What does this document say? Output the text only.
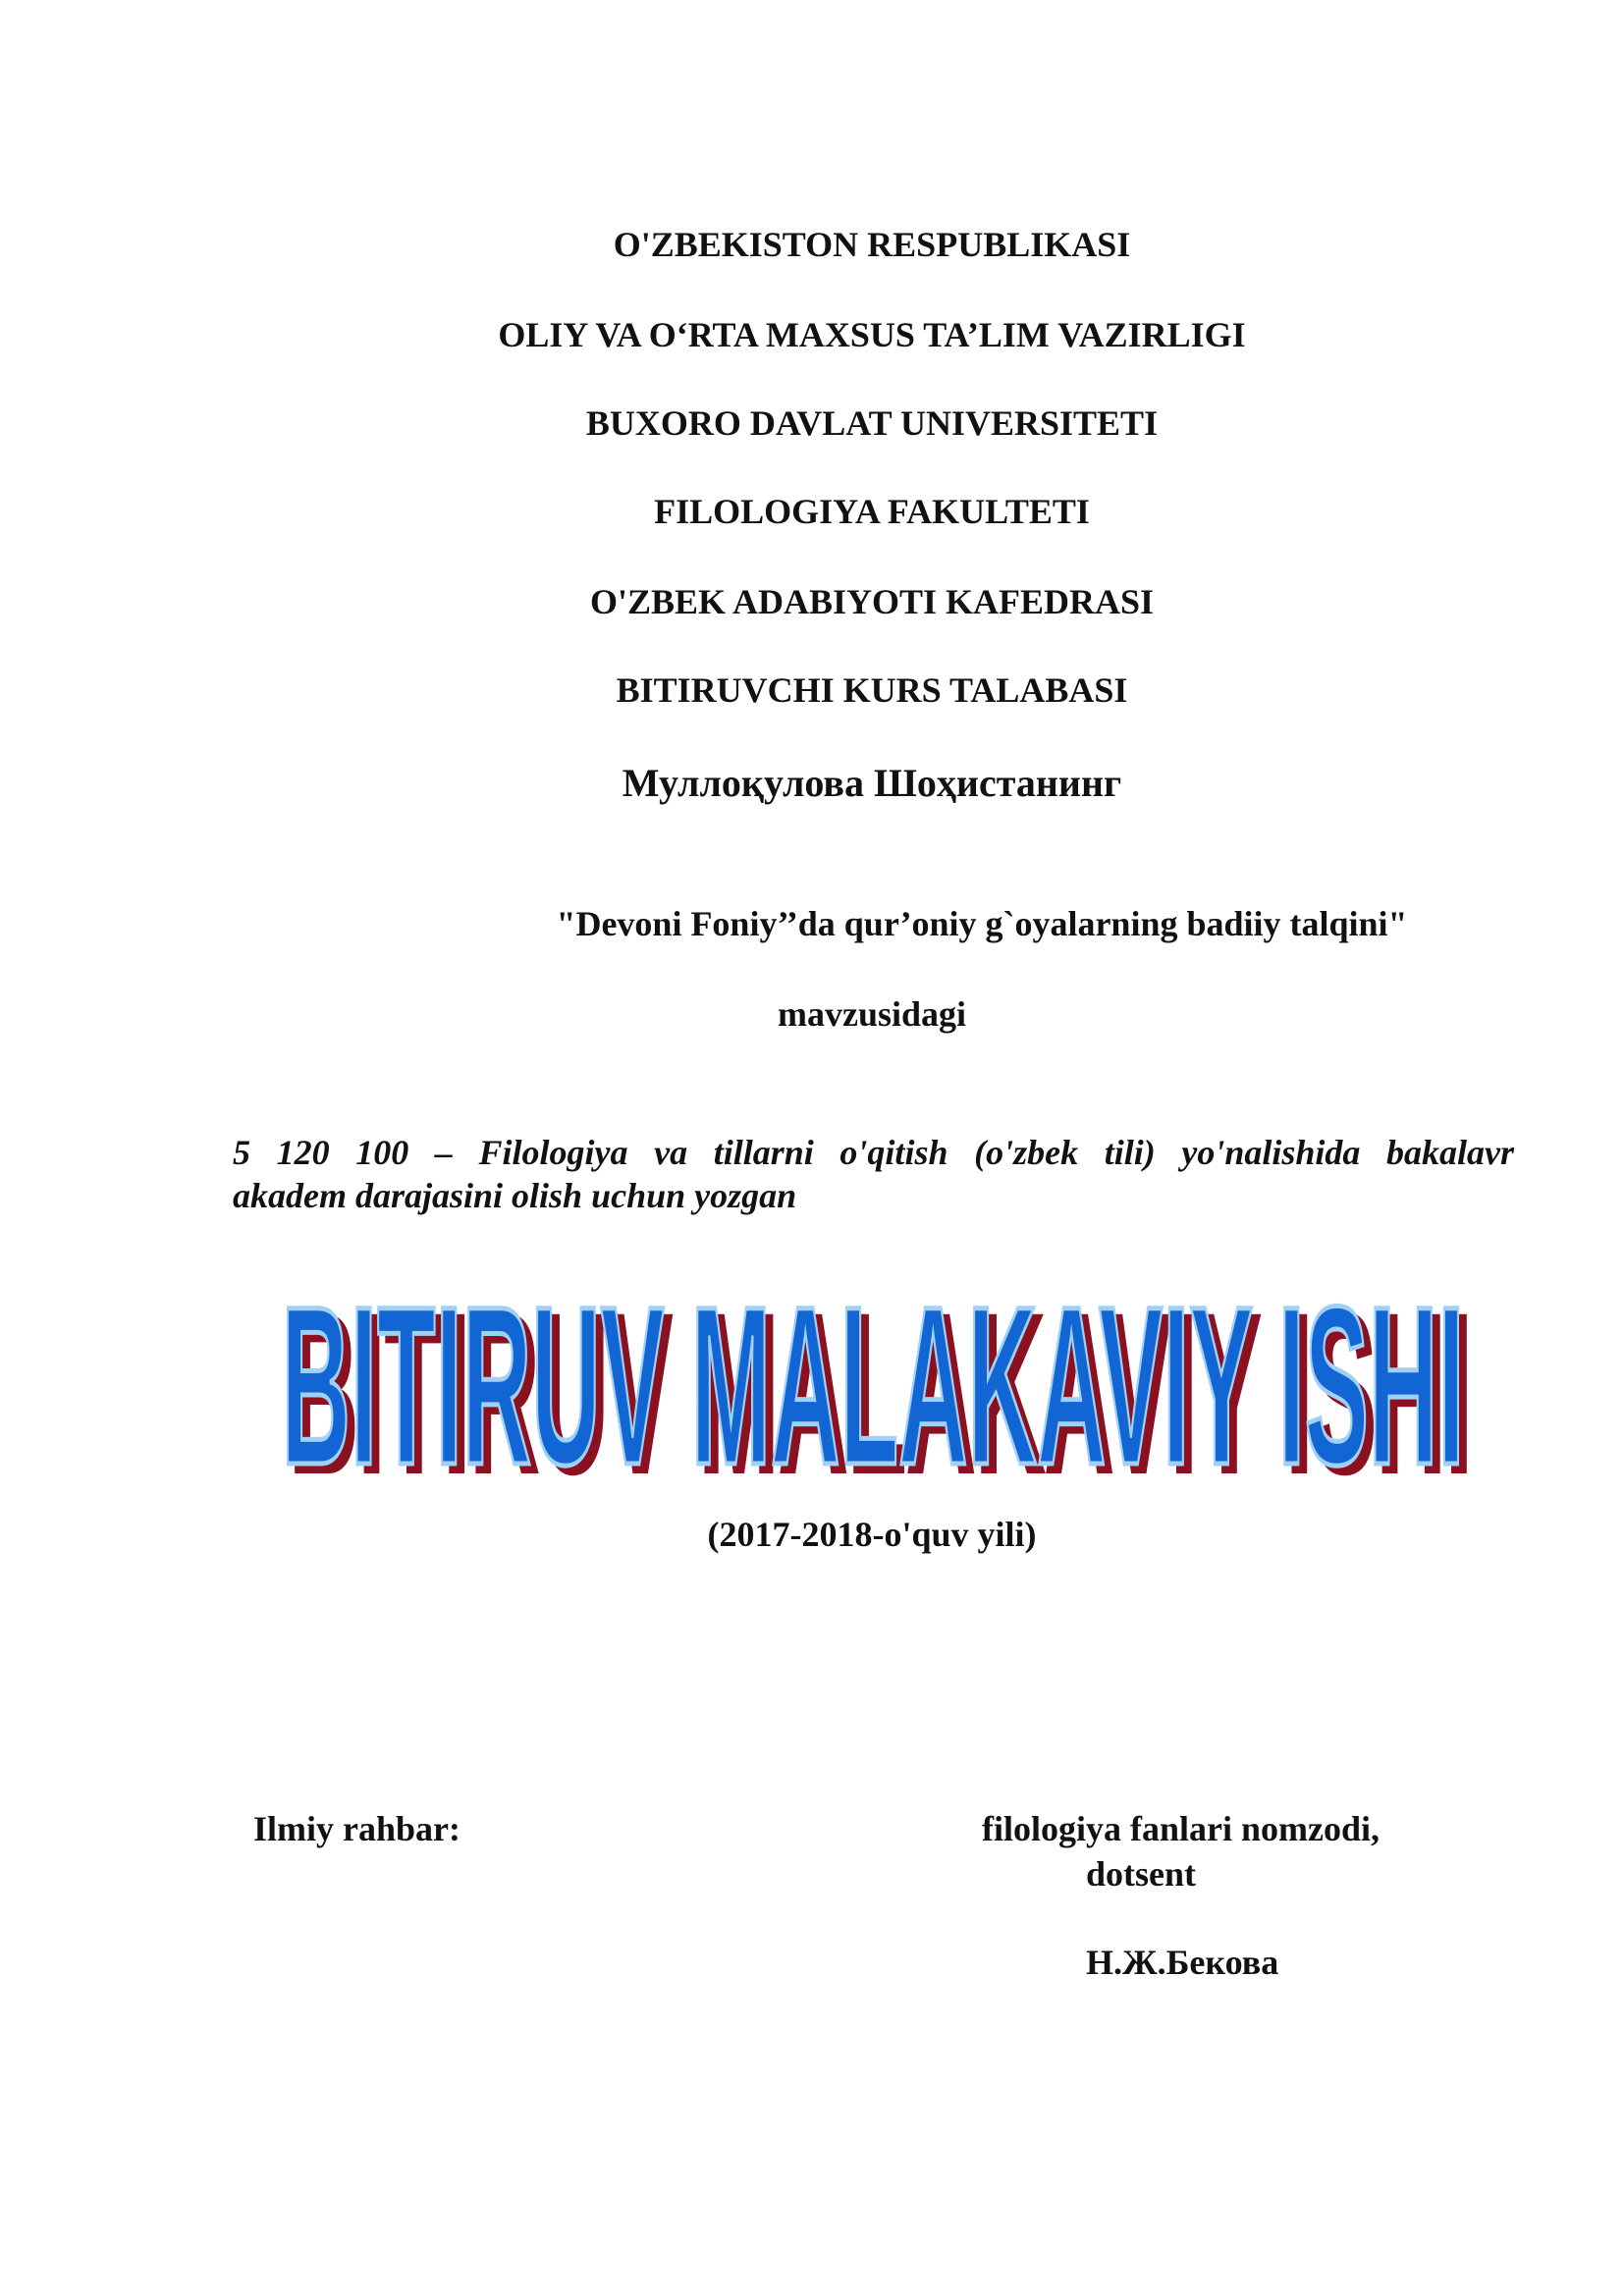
O'ZBEKISTON RESPUBLIKASI
OLIY VA O‘RTA MAXSUS TA’LIM VAZIRLIGI
BUXORO DAVLAT UNIVERSITETI
FILOLOGIYA FAKULTETI
O'ZBEK ADABIYOTI KAFEDRASI
BITIRUVCHI KURS TALABASI
Муллоқулова Шоҳистанинг
"Devoni Foniy’’da qur’oniy g`oyalarning badiiy talqini"
mavzusidagi
5 120 100 – Filologiya va tillarni o'qitish (o'zbek tili) yo'nalishida bakalavr
akadem darajasini olish uchun yozgan
BITIRUV MALAKAVIY ISHI
BITIRUV MALAKAVIY ISHI
(2017-2018-o'quv yili)
Ilmiy rahbar:	filologiya fanlari nomzodi,
dotsent
Н.Ж.Бекова
